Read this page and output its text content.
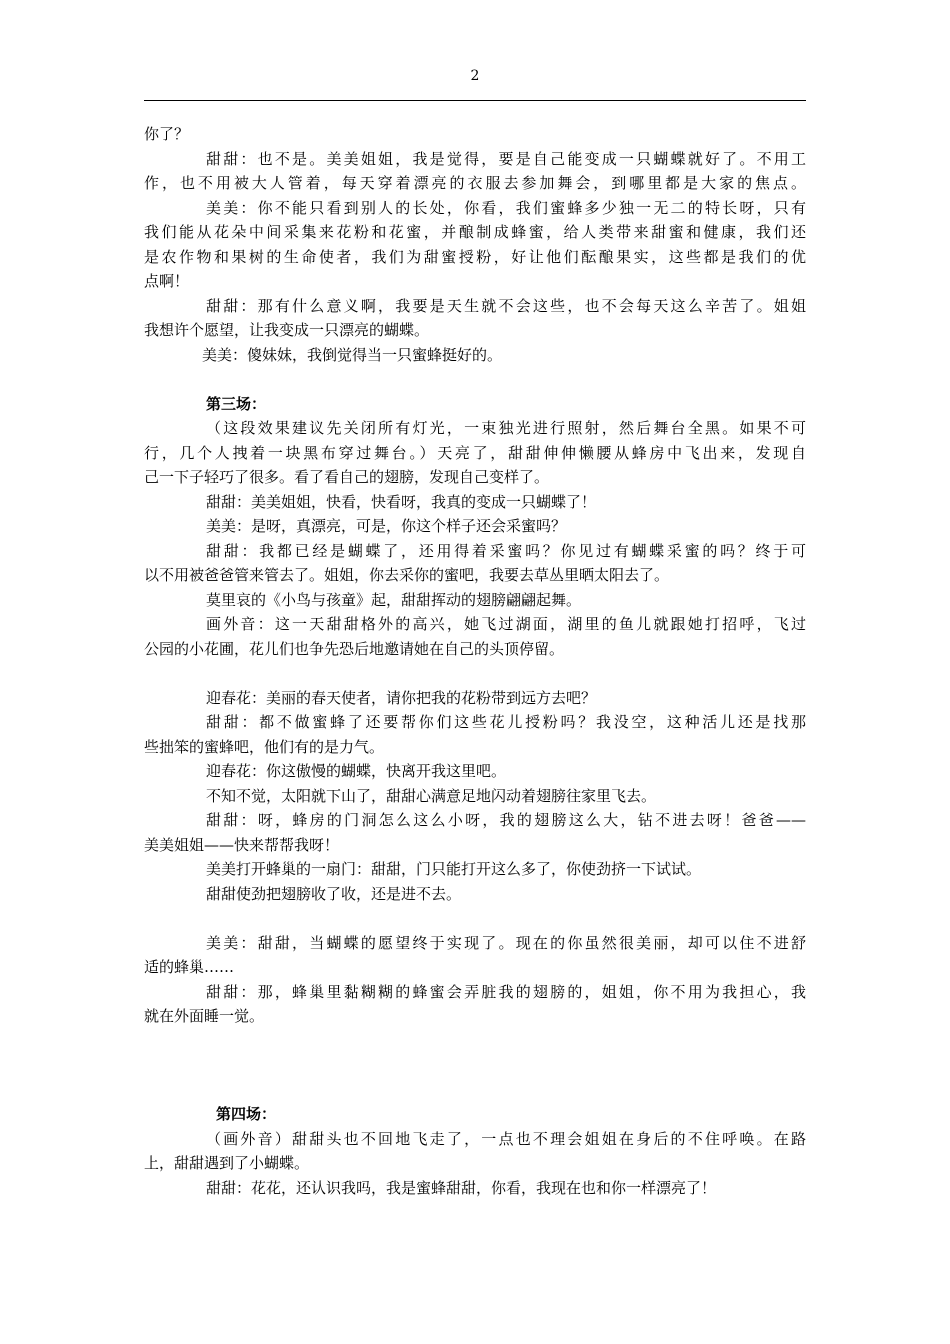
2
你了？
甜甜：也不是。美美姐姐，我是觉得，要是自己能变成一只蝴蝶就好了。不用工
作，也不用被大人管着，每天穿着漂亮的衣服去参加舞会，到哪里都是大家的焦点。
美美：你不能只看到别人的长处，你看，我们蜜蜂多少独一无二的特长呀，只有
我们能从花朵中间采集来花粉和花蜜，并酿制成蜂蜜，给人类带来甜蜜和健康，我们还
是农作物和果树的生命使者，我们为甜蜜授粉，好让他们酝酿果实，这些都是我们的优
点啊！
甜甜：那有什么意义啊，我要是天生就不会这些，也不会每天这么辛苦了。姐姐
我想许个愿望，让我变成一只漂亮的蝴蝶。
美美：傻妹妹，我倒觉得当一只蜜蜂挺好的。
第三场：
（这段效果建议先关闭所有灯光，一束独光进行照射，然后舞台全黑。如果不可
行，几个人拽着一块黑布穿过舞台。）天亮了，甜甜伸伸懒腰从蜂房中飞出来，发现自
己一下子轻巧了很多。看了看自己的翅膀，发现自己变样了。
甜甜：美美姐姐，快看，快看呀，我真的变成一只蝴蝶了！
美美：是呀，真漂亮，可是，你这个样子还会采蜜吗？
甜甜：我都已经是蝴蝶了，还用得着采蜜吗？你见过有蝴蝶采蜜的吗？终于可
以不用被爸爸管来管去了。姐姐，你去采你的蜜吧，我要去草丛里晒太阳去了。
莫里哀的《小鸟与孩童》起，甜甜挥动的翅膀翩翩起舞。
画外音：这一天甜甜格外的高兴，她飞过湖面，湖里的鱼儿就跟她打招呼，飞过
公园的小花圃，花儿们也争先恐后地邀请她在自己的头顶停留。
迎春花：美丽的春天使者，请你把我的花粉带到远方去吧？
甜甜：都不做蜜蜂了还要帮你们这些花儿授粉吗？我没空，这种活儿还是找那
些拙笨的蜜蜂吧，他们有的是力气。
迎春花：你这傲慢的蝴蝶，快离开我这里吧。
不知不觉，太阳就下山了，甜甜心满意足地闪动着翅膀往家里飞去。
甜甜：呀，蜂房的门洞怎么这么小呀，我的翅膀这么大，钻不进去呀！爸爸——
美美姐姐——快来帮帮我呀！
美美打开蜂巢的一扇门：甜甜，门只能打开这么多了，你使劲挤一下试试。
甜甜使劲把翅膀收了收，还是进不去。
美美：甜甜，当蝴蝶的愿望终于实现了。现在的你虽然很美丽，却可以住不进舒
适的蜂巢……
甜甜：那，蜂巢里黏糊糊的蜂蜜会弄脏我的翅膀的，姐姐，你不用为我担心，我
就在外面睡一觉。
第四场：
（画外音）甜甜头也不回地飞走了，一点也不理会姐姐在身后的不住呼唤。在路
上，甜甜遇到了小蝴蝶。
甜甜：花花，还认识我吗，我是蜜蜂甜甜，你看，我现在也和你一样漂亮了！
